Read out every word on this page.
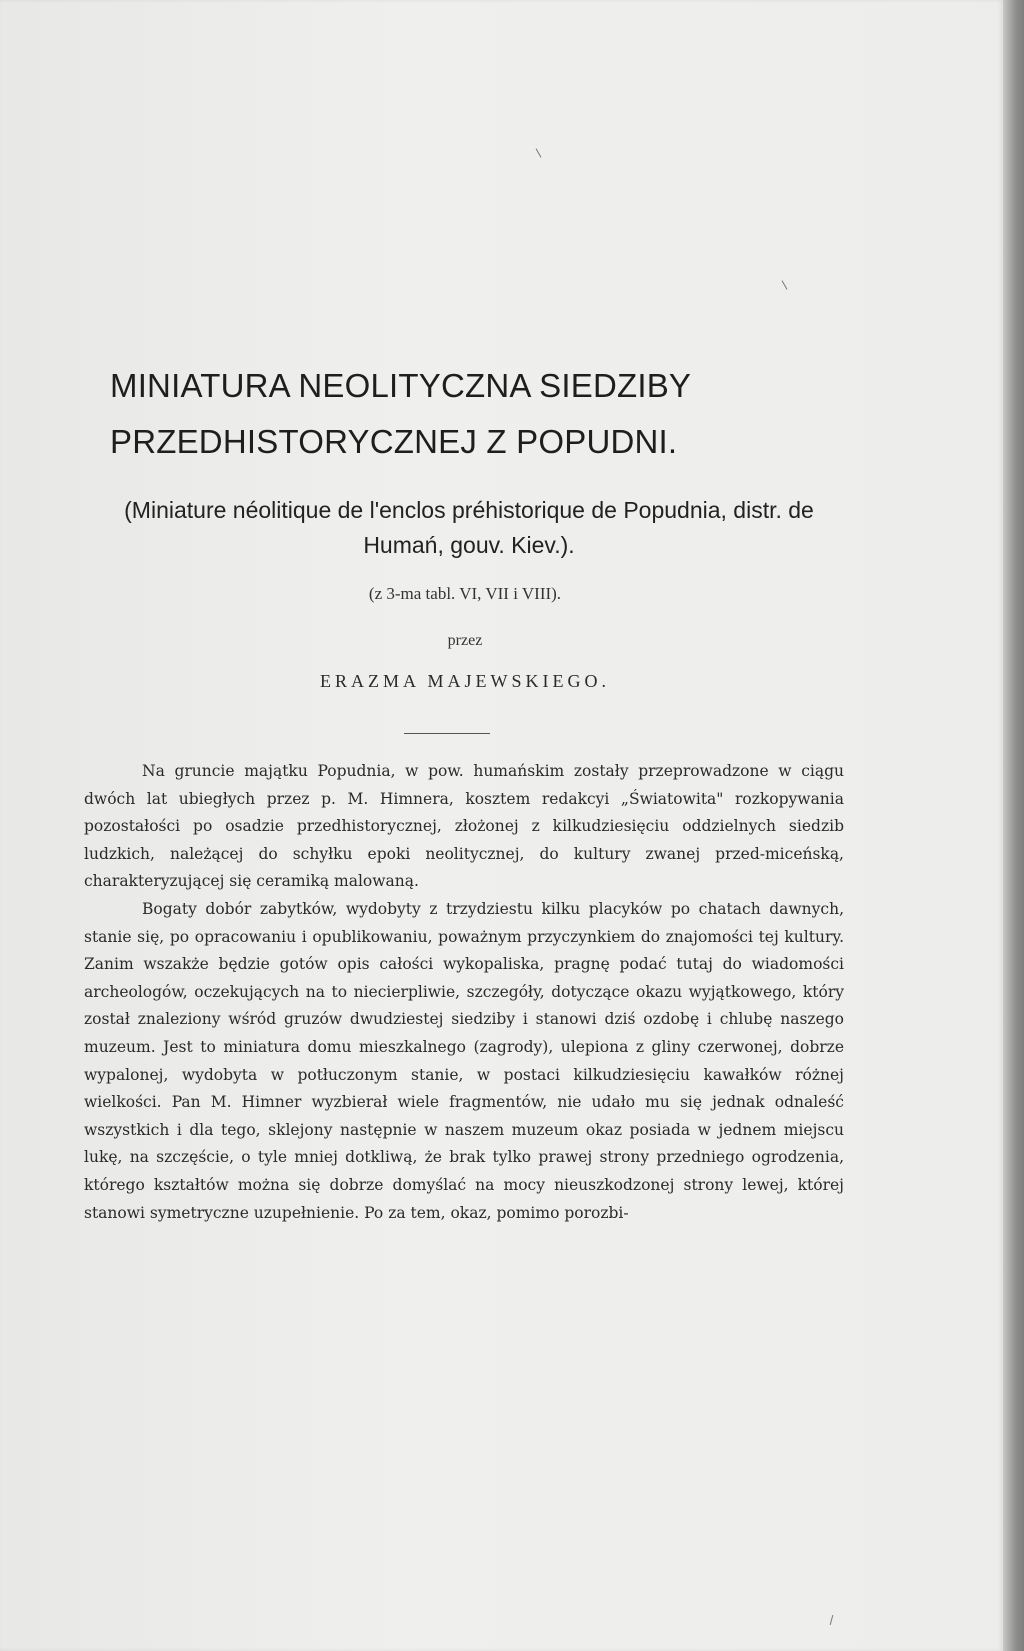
MINIATURA NEOLITYCZNA SIEDZIBY PRZEDHISTORYCZNEJ Z POPUDNI.

(Miniature néolitique de l'enclos préhistorique de Popudnia, distr. de Humań, gouv. Kiev.).

(z 3-ma tabl. VI, VII i VIII).

przez

ERAZMA MAJEWSKIEGO.

Na gruncie majątku Popudnia, w pow. humańskim zostały przeprowadzone w ciągu dwóch lat ubiegłych przez p. M. Himnera, kosztem redakcyi „Światowita" rozkopywania pozostałości po osadzie przedhistorycznej, złożonej z kilkudziesięciu oddzielnych siedzib ludzkich, należącej do schyłku epoki neolitycznej, do kultury zwanej przed-miceńską, charakteryzującej się ceramiką malowaną.

Bogaty dobór zabytków, wydobyty z trzydziestu kilku placyków po chatach dawnych, stanie się, po opracowaniu i opublikowaniu, poważnym przyczynkiem do znajomości tej kultury. Zanim wszakże będzie gotów opis całości wykopaliska, pragnę podać tutaj do wiadomości archeologów, oczekujących na to niecierpliwie, szczegóły, dotyczące okazu wyjątkowego, który został znaleziony wśród gruzów dwudziestej siedziby i stanowi dziś ozdobę i chlubę naszego muzeum. Jest to miniatura domu mieszkalnego (zagrody), ulepiona z gliny czerwonej, dobrze wypalonej, wydobyta w potłuczonym stanie, w postaci kilkudziesięciu kawałków różnej wielkości. Pan M. Himner wyzbierał wiele fragmentów, nie udało mu się jednak odnaleść wszystkich i dla tego, sklejony następnie w naszem muzeum okaz posiada w jednem miejscu lukę, na szczęście, o tyle mniej dotkliwą, że brak tylko prawej strony przedniego ogrodzenia, którego kształtów można się dobrze domyślać na mocy nieuszkodzonej strony lewej, której stanowi symetryczne uzupełnienie. Po za tem, okaz, pomimo porozbi-
